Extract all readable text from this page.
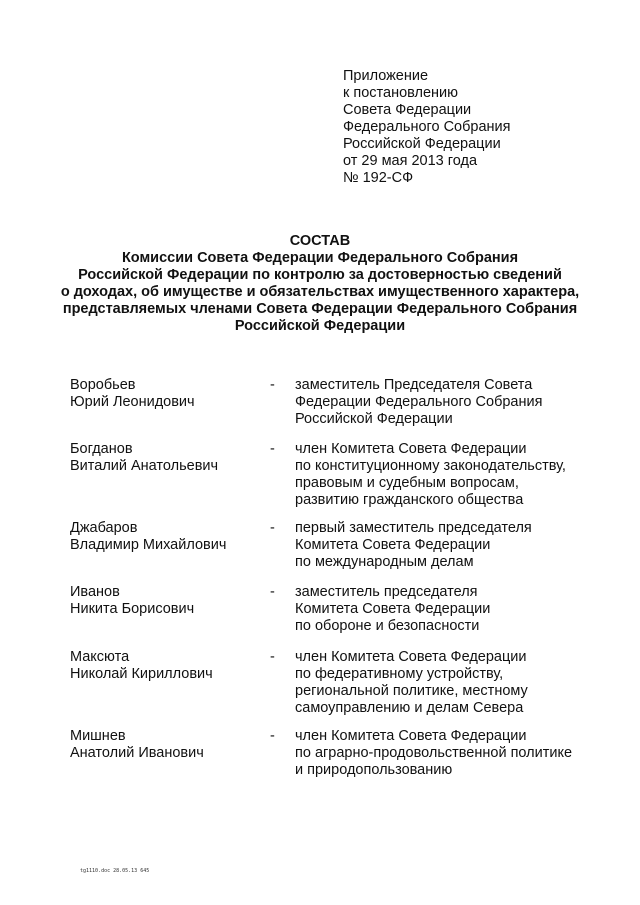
Приложение
к постановлению
Совета Федерации
Федерального Собрания
Российской Федерации
от 29 мая 2013 года
№ 192-СФ
СОСТАВ
Комиссии Совета Федерации Федерального Собрания
Российской Федерации по контролю за достоверностью сведений
о доходах, об имуществе и обязательствах имущественного характера,
представляемых членами Совета Федерации Федерального Собрания
Российской Федерации
Воробьев
Юрий Леонидович
- заместитель Председателя Совета
Федерации Федерального Собрания
Российской Федерации
Богданов
Виталий Анатольевич
- член Комитета Совета Федерации
по конституционному законодательству,
правовым и судебным вопросам,
развитию гражданского общества
Джабаров
Владимир Михайлович
- первый заместитель председателя
Комитета Совета Федерации
по международным делам
Иванов
Никита Борисович
- заместитель председателя
Комитета Совета Федерации
по обороне и безопасности
Максюта
Николай Кириллович
- член Комитета Совета Федерации
по федеративному устройству,
региональной политике, местному
самоуправлению и делам Севера
Мишнев
Анатолий Иванович
- член Комитета Совета Федерации
по аграрно-продовольственной политике
и природопользованию
tg1110.doc 28.05.13 645
